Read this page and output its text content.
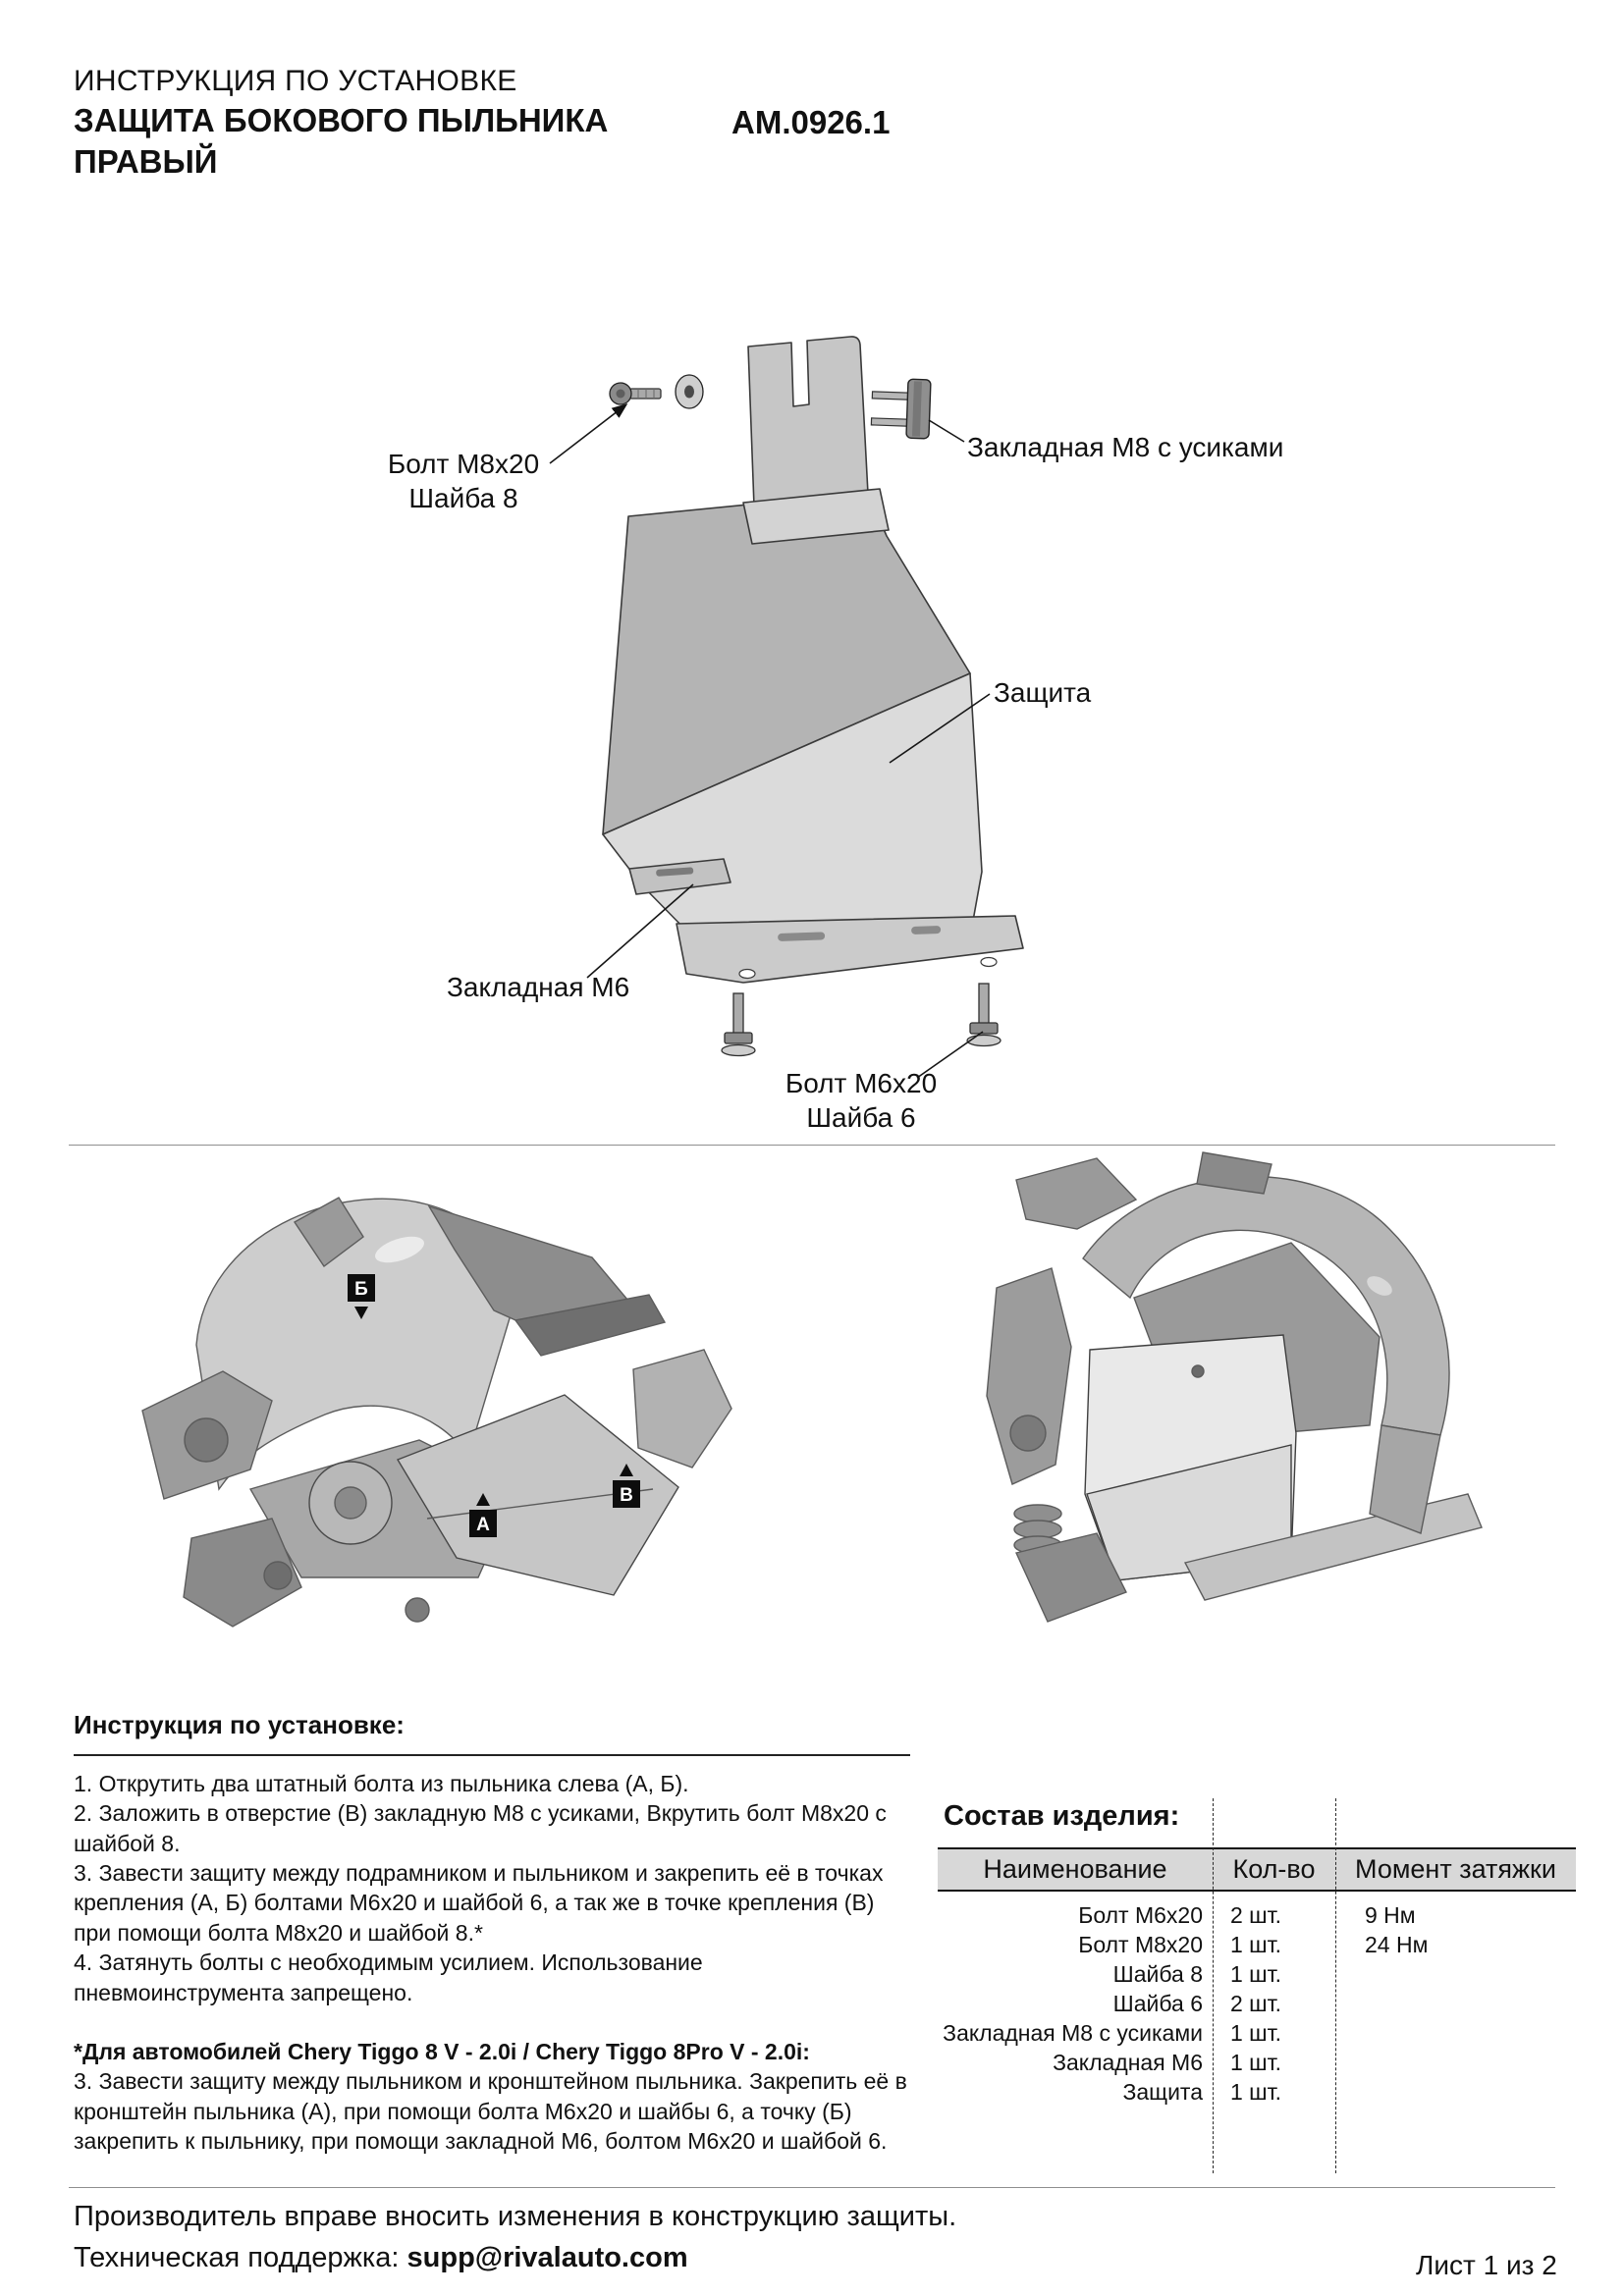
ИНСТРУКЦИЯ ПО УСТАНОВКЕ
ЗАЩИТА БОКОВОГО ПЫЛЬНИКА
ПРАВЫЙ
АМ.0926.1
Болт М8х20
Шайба 8
Закладная М8 с усиками
Защита
Закладная М6
Болт М6х20
Шайба 6
Б
А
В
Инструкция по установке:
1. Открутить два штатный болта из пыльника слева (А, Б).
2. Заложить в отверстие (В) закладную М8 с усиками, Вкрутить болт М8х20 с шайбой 8.
3. Завести защиту между подрамником и пыльником и закрепить её в точках крепления (А, Б) болтами М6х20 и шайбой 6, а так же в точке крепления (В) при помощи болта М8х20 и шайбой 8.*
4. Затянуть болты с необходимым усилием. Использование пневмоинструмента запрещено.
*Для автомобилей Chery Tiggo 8 V - 2.0i / Chery Tiggo 8Pro V - 2.0i:
3. Завести защиту между пыльником и кронштейном пыльника. Закрепить её в кронштейн пыльника (А), при помощи болта М6х20 и шайбы 6, а точку (Б) закрепить к пыльнику, при помощи закладной М6, болтом М6х20 и шайбой 6.
Состав изделия:
Наименование	Кол-во	Момент затяжки
Болт М6х20	2 шт.	9 Нм
Болт М8х20	1 шт.	24 Нм
Шайба 8	1 шт.
Шайба 6	2 шт.
Закладная М8 с усиками	1 шт.
Закладная М6	1 шт.
Защита	1 шт.
Производитель вправе вносить изменения в конструкцию защиты.
Техническая поддержка: supp@rivalauto.com	Лист 1 из 2
